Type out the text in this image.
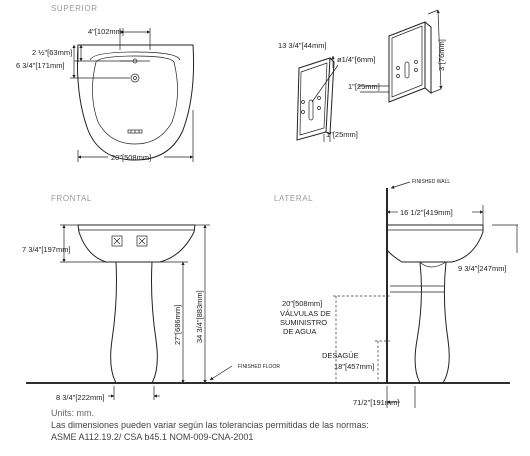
SUPERIOR
FRONTAL	LATERAL
4"[102mm]
2 ½"[63mm]
6 3/4"[171mm]
20"[508mm]
13 3/4"[44mm]
ø1/4"[6mm]
1"[25mm]
1"[25mm]
3"[76mm]
7 3/4"[197mm]
27"[686mm] 34 3/4"[883mm]
8 3/4"[222mm]
FINISHED FLOOR
FINISHED WALL
16 1/2"[419mm]
9 3/4"[247mm]
20"[508mm]
VÁLVULAS DE
SUMINISTRO
DE AGUA
DESAGÜE
18"[457mm]
71/2"[191mm]
Units: mm.
Las dimensiones pueden variar según las tolerancias permitidas de las normas:
ASME A112.19.2/ CSA b45.1 NOM-009-CNA-2001
